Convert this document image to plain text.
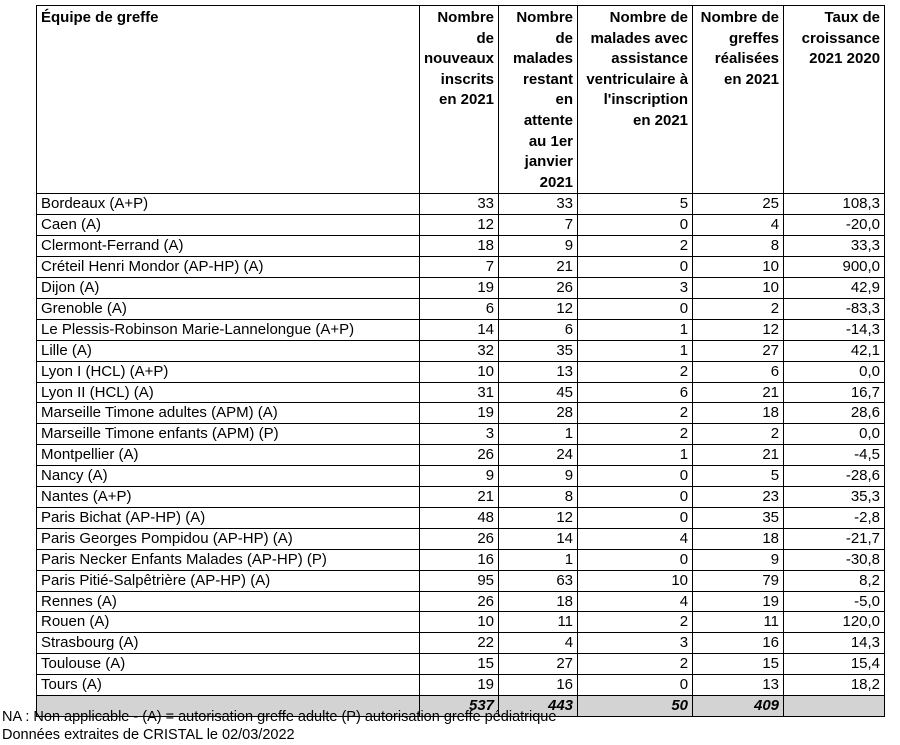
Équipe de greffe	Nombre de nouveaux inscrits en 2021	Nombre de malades restant en attente au 1er janvier 2021	Nombre de malades avec assistance ventriculaire à l'inscription en 2021	Nombre de greffes réalisées en 2021	Taux de croissance 2021 2020
Bordeaux (A+P)	33	33	5	25	108,3
Caen (A)	12	7	0	4	-20,0
Clermont-Ferrand (A)	18	9	2	8	33,3
Créteil Henri Mondor (AP-HP) (A)	7	21	0	10	900,0
Dijon (A)	19	26	3	10	42,9
Grenoble (A)	6	12	0	2	-83,3
Le Plessis-Robinson Marie-Lannelongue (A+P)	14	6	1	12	-14,3
Lille (A)	32	35	1	27	42,1
Lyon I (HCL) (A+P)	10	13	2	6	0,0
Lyon II (HCL) (A)	31	45	6	21	16,7
Marseille Timone adultes (APM) (A)	19	28	2	18	28,6
Marseille Timone enfants (APM) (P)	3	1	2	2	0,0
Montpellier (A)	26	24	1	21	-4,5
Nancy (A)	9	9	0	5	-28,6
Nantes (A+P)	21	8	0	23	35,3
Paris Bichat (AP-HP) (A)	48	12	0	35	-2,8
Paris Georges Pompidou (AP-HP) (A)	26	14	4	18	-21,7
Paris Necker Enfants Malades (AP-HP) (P)	16	1	0	9	-30,8
Paris Pitié-Salpêtrière (AP-HP) (A)	95	63	10	79	8,2
Rennes (A)	26	18	4	19	-5,0
Rouen (A)	10	11	2	11	120,0
Strasbourg (A)	22	4	3	16	14,3
Toulouse (A)	15	27	2	15	15,4
Tours (A)	19	16	0	13	18,2
	537	443	50	409	
NA : Non applicable - (A) = autorisation greffe adulte (P) autorisation greffe pédiatrique
Données extraites de CRISTAL le 02/03/2022
